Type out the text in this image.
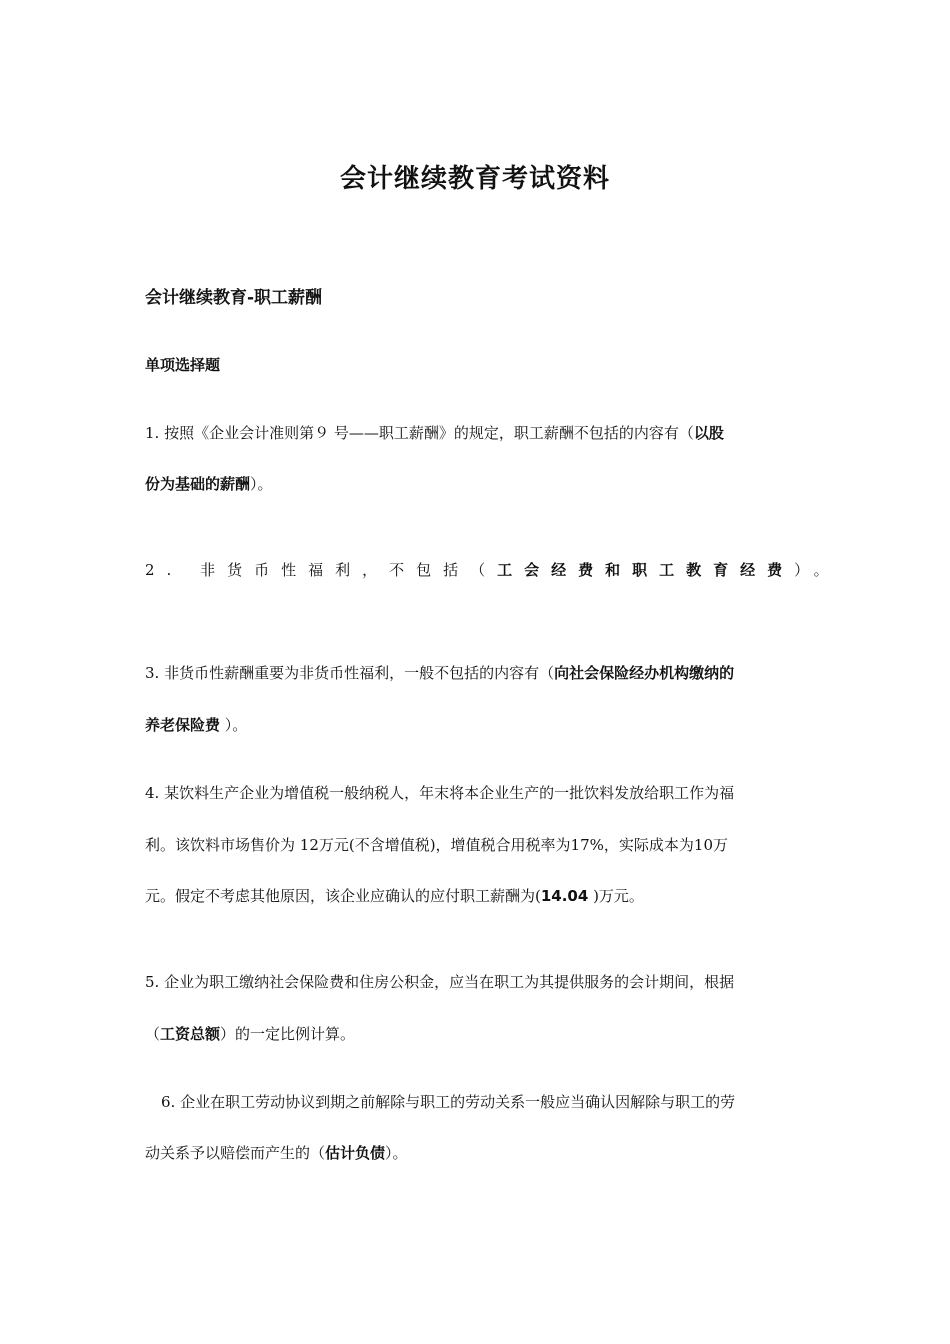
会计继续教育考试资料
会计继续教育-职工薪酬
单项选择题
1. 按照《企业会计准则第９ 号——职工薪酬》的规定，职工薪酬不包括的内容有（以股
份为基础的薪酬）。
2. 非货币性福利，不包括（工会经费和职工教育经费）。
3. 非货币性薪酬重要为非货币性福利，一般不包括的内容有（向社会保险经办机构缴纳的
养老保险费 ）。
4. 某饮料生产企业为增值税一般纳税人，年末将本企业生产的一批饮料发放给职工作为福
利。该饮料市场售价为 12万元(不含增值税)，增值税合用税率为17%，实际成本为10万
元。假定不考虑其他原因，该企业应确认的应付职工薪酬为(14.04 )万元。
5. 企业为职工缴纳社会保险费和住房公积金，应当在职工为其提供服务的会计期间，根据
（工资总额）的一定比例计算。
6. 企业在职工劳动协议到期之前解除与职工的劳动关系一般应当确认因解除与职工的劳
动关系予以赔偿而产生的（估计负债）。
